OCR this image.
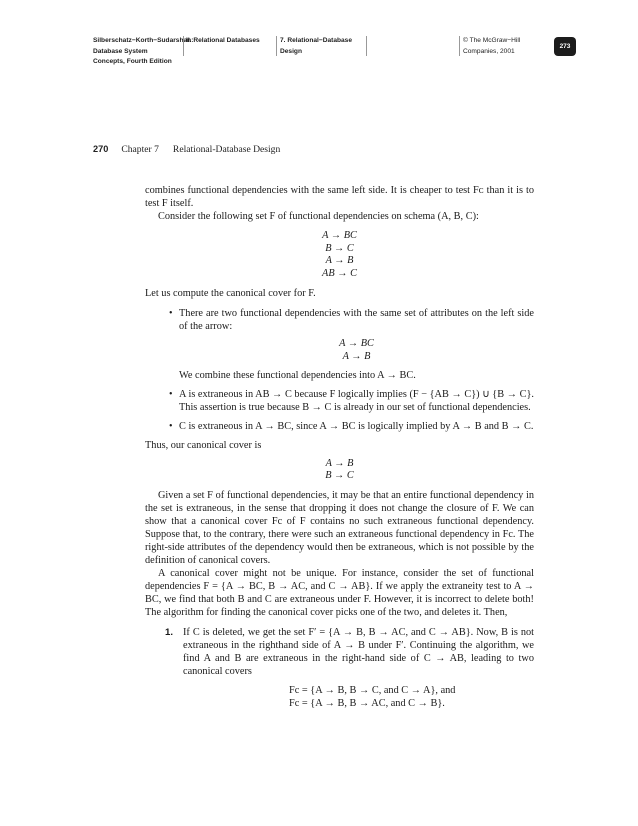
Silberschatz−Korth−Sudarshan:
Database System
Concepts, Fourth Edition
II. Relational Databases	7. Relational−Database
Design
© The McGraw−Hill
Companies, 2001
273
270 Chapter 7 Relational-Database Design

combines functional dependencies with the same left side. It is cheaper to test Fᴄ than it is to test F itself.

Consider the following set F of functional dependencies on schema (A, B, C):

A → BC
B → C
A → B
AB → C

Let us compute the canonical cover for F.

• There are two functional dependencies with the same set of attributes on the left side of the arrow:

A → BC
A → B

We combine these functional dependencies into A → BC.

• A is extraneous in AB → C because F logically implies (F − {AB → C}) ∪ {B → C}. This assertion is true because B → C is already in our set of functional dependencies.

• C is extraneous in A → BC, since A → BC is logically implied by A → B and B → C.

Thus, our canonical cover is

A → B
B → C

Given a set F of functional dependencies, it may be that an entire functional dependency in the set is extraneous, in the sense that dropping it does not change the closure of F. We can show that a canonical cover Fc of F contains no such extraneous functional dependency. Suppose that, to the contrary, there were such an extraneous functional dependency in Fc. The right-side attributes of the dependency would then be extraneous, which is not possible by the definition of canonical covers.

A canonical cover might not be unique. For instance, consider the set of functional dependencies F = {A → BC, B → AC, and C → AB}. If we apply the extraneity test to A → BC, we find that both B and C are extraneous under F. However, it is incorrect to delete both! The algorithm for finding the canonical cover picks one of the two, and deletes it. Then,

1. If C is deleted, we get the set F′ = {A → B, B → AC, and C → AB}. Now, B is not extraneous in the righthand side of A → B under F′. Continuing the algorithm, we find A and B are extraneous in the right-hand side of C → AB, leading to two canonical covers

Fc = {A → B, B → C, and C → A}, and
Fc = {A → B, B → AC, and C → B}.
